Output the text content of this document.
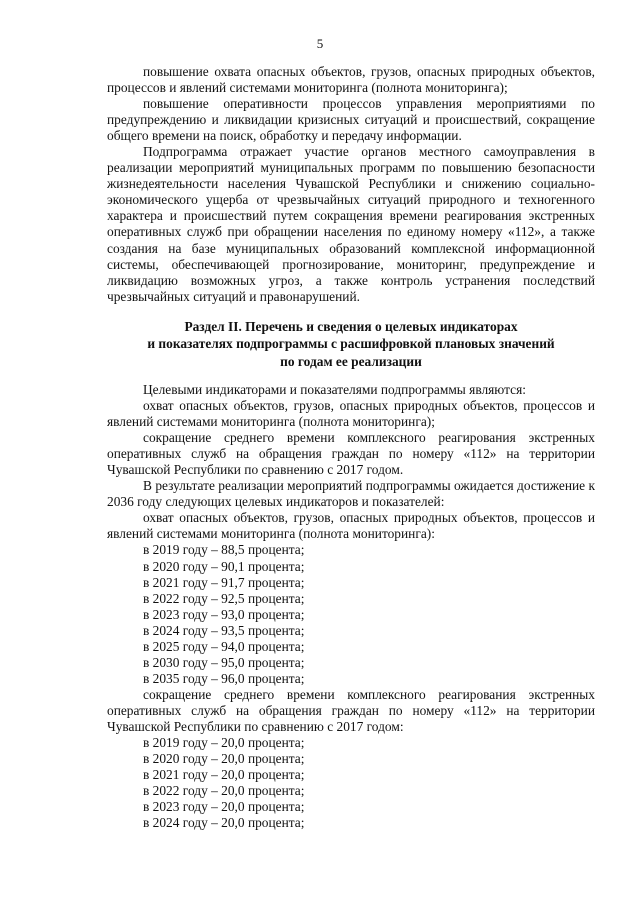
5

повышение охвата опасных объектов, грузов, опасных природных объектов, процессов и явлений системами мониторинга (полнота мониторинга);

повышение оперативности процессов управления мероприятиями по предупреждению и ликвидации кризисных ситуаций и происшествий, сокращение общего времени на поиск, обработку и передачу информации.

Подпрограмма отражает участие органов местного самоуправления в реализации мероприятий муниципальных программ по повышению безопасности жизнедеятельности населения Чувашской Республики и снижению социально-экономического ущерба от чрезвычайных ситуаций природного и техногенного характера и происшествий путем сокращения времени реагирования экстренных оперативных служб при обращении населения по единому номеру «112», а также создания на базе муниципальных образований комплексной информационной системы, обеспечивающей прогнозирование, мониторинг, предупреждение и ликвидацию возможных угроз, а также контроль устранения последствий чрезвычайных ситуаций и правонарушений.

Раздел II. Перечень и сведения о целевых индикаторах
и показателях подпрограммы с расшифровкой плановых значений
по годам ее реализации

Целевыми индикаторами и показателями подпрограммы являются:

охват опасных объектов, грузов, опасных природных объектов, процессов и явлений системами мониторинга (полнота мониторинга);

сокращение среднего времени комплексного реагирования экстренных оперативных служб на обращения граждан по номеру «112» на территории Чувашской Республики по сравнению с 2017 годом.

В результате реализации мероприятий подпрограммы ожидается достижение к 2036 году следующих целевых индикаторов и показателей:

охват опасных объектов, грузов, опасных природных объектов, процессов и явлений системами мониторинга (полнота мониторинга):

в 2019 году – 88,5 процента;
в 2020 году – 90,1 процента;
в 2021 году – 91,7 процента;
в 2022 году – 92,5 процента;
в 2023 году – 93,0 процента;
в 2024 году – 93,5 процента;
в 2025 году – 94,0 процента;
в 2030 году – 95,0 процента;
в 2035 году – 96,0 процента;

сокращение среднего времени комплексного реагирования экстренных оперативных служб на обращения граждан по номеру «112» на территории Чувашской Республики по сравнению с 2017 годом:

в 2019 году – 20,0 процента;
в 2020 году – 20,0 процента;
в 2021 году – 20,0 процента;
в 2022 году – 20,0 процента;
в 2023 году – 20,0 процента;
в 2024 году – 20,0 процента;
